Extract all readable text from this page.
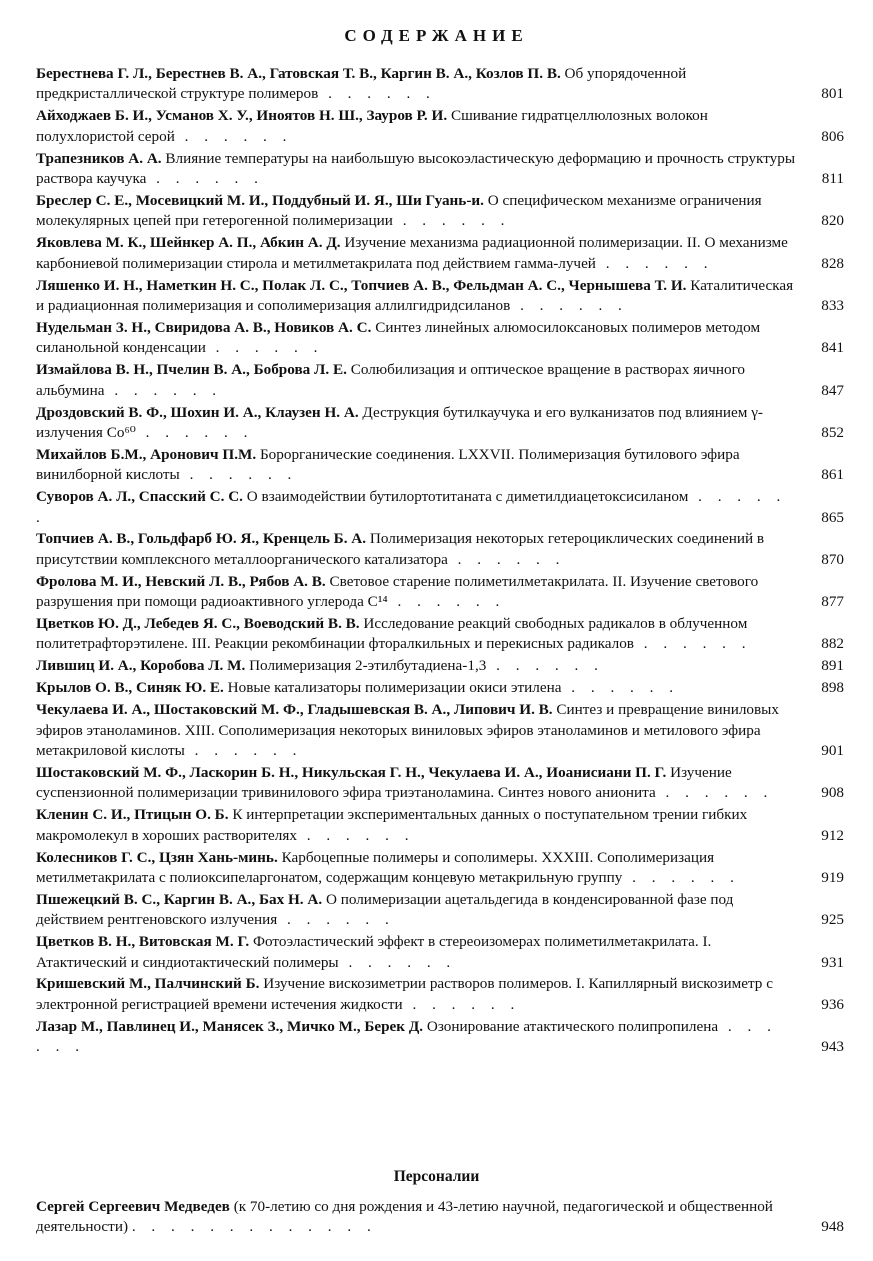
СОДЕРЖАНИЕ
Берестнева Г. Л., Берестнев В. А., Гатовская Т. В., Каргин В. А., Козлов П. В. Об упорядоченной предкристаллической структуре полимеров . . . . . .	801
Айходжаев Б. И., Усманов Х. У., Иноятов Н. Ш., Зауров Р. И. Сшивание гидратцеллюлозных волокон полухлористой серой . . . . . .	806
Трапезников А. А. Влияние температуры на наибольшую высокоэластическую деформацию и прочность структуры раствора каучука . . . . . .	811
Бреслер С. Е., Мосевицкий М. И., Поддубный И. Я., Ши Гуань-и. О специфическом механизме ограничения молекулярных цепей при гетерогенной полимеризации . . . . . .	820
Яковлева М. К., Шейнкер А. П., Абкин А. Д. Изучение механизма радиационной полимеризации. II. О механизме карбониевой полимеризации стирола и метилметакрилата под действием гамма-лучей . . . . . .	828
Ляшенко И. Н., Наметкин Н. С., Полак Л. С., Топчиев А. В., Фельдман А. С., Чернышева Т. И. Каталитическая и радиационная полимеризация и сополимеризация аллилгидридсиланов . . . . . .	833
Нудельман З. Н., Свиридова А. В., Новиков А. С. Синтез линейных алюмосилоксановых полимеров методом силанольной конденсации . . . . . .	841
Измайлова В. Н., Пчелин В. А., Боброва Л. Е. Солюбилизация и оптическое вращение в растворах яичного альбумина . . . . . .	847
Дроздовский В. Ф., Шохин И. А., Клаузен Н. А. Деструкция бутилкаучука и его вулканизатов под влиянием γ-излучения Co⁶⁰ . . . . . .	852
Михайлов Б.М., Аронович П.М. Борорганические соединения. LXXVII. Полимеризация бутилового эфира винилборной кислоты . . . . . .	861
Суворов А. Л., Спасский С. С. О взаимодействии бутилортотитаната с диметилдиацетоксисиланом . . . . . .	865
Топчиев А. В., Гольдфарб Ю. Я., Кренцель Б. А. Полимеризация некоторых гетероциклических соединений в присутствии комплексного металлоорганического катализатора . . . . . .	870
Фролова М. И., Невский Л. В., Рябов А. В. Световое старение полиметилметакрилата. II. Изучение светового разрушения при помощи радиоактивного углерода C¹⁴ . . . . . .	877
Цветков Ю. Д., Лебедев Я. С., Воеводский В. В. Исследование реакций свободных радикалов в облученном политетрафторэтилене. III. Реакции рекомбинации фторалкильных и перекисных радикалов . . . . . .	882
Лившиц И. А., Коробова Л. М. Полимеризация 2-этилбутадиена-1,3 . . . . . .	891
Крылов О. В., Синяк Ю. Е. Новые катализаторы полимеризации окиси этилена . . . . . .	898
Чекулаева И. А., Шостаковский М. Ф., Гладышевская В. А., Липович И. В. Синтез и превращение виниловых эфиров этаноламинов. XIII. Сополимеризация некоторых виниловых эфиров этаноламинов и метилового эфира метакриловой кислоты . . . . . .	901
Шостаковский М. Ф., Ласкорин Б. Н., Никульская Г. Н., Чекулаева И. А., Иоанисиани П. Г. Изучение суспензионной полимеризации тривинилового эфира триэтаноламина. Синтез нового анионита . . . . . .	908
Кленин С. И., Птицын О. Б. К интерпретации экспериментальных данных о поступательном трении гибких макромолекул в хороших растворителях . . . . . .	912
Колесников Г. С., Цзян Хань-минь. Карбоцепные полимеры и сополимеры. XXXIII. Сополимеризация метилметакрилата с полиоксипеларгонатом, содержащим концевую метакрильную группу . . . . . .	919
Пшежецкий В. С., Каргин В. А., Бах Н. А. О полимеризации ацетальдегида в конденсированной фазе под действием рентгеновского излучения . . . . . .	925
Цветков В. Н., Витовская М. Г. Фотоэластический эффект в стереоизомерах полиметилметакрилата. I. Атактический и синдиотактический полимеры . . . . . .	931
Кришевский М., Палчинский Б. Изучение вискозиметрии растворов полимеров. I. Капиллярный вискозиметр с электронной регистрацией времени истечения жидкости . . . . . .	936
Лазар М., Павлинец И., Манясек З., Мичко М., Берек Д. Озонирование атактического полипропилена . . . . . .	943
Персоналии
Сергей Сергеевич Медведев (к 70-летию со дня рождения и 43-летию научной, педагогической и общественной деятельности) . . . . . . . . . . . . .	948
